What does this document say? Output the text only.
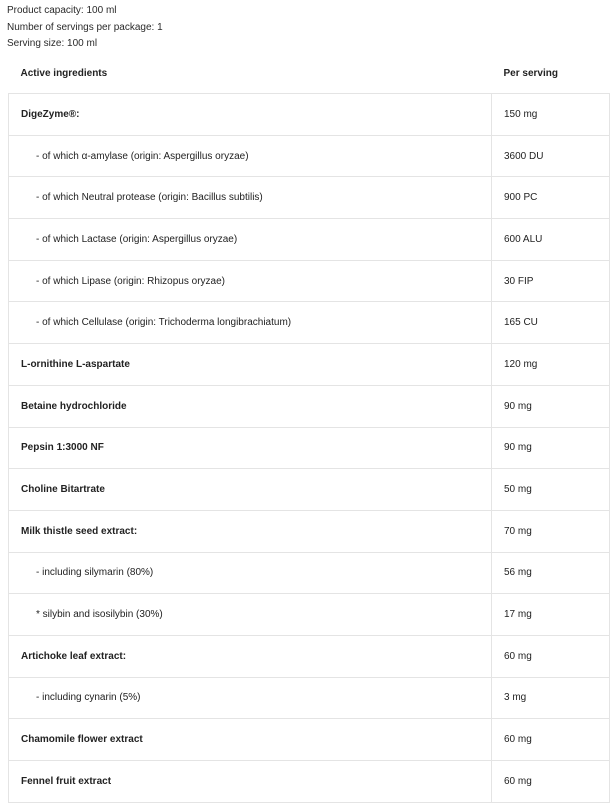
Product capacity: 100 ml
Number of servings per package: 1
Serving size: 100 ml
Active ingredients	Per serving
DigeZyme®:	150 mg
- of which α-amylase (origin: Aspergillus oryzae)	3600 DU
- of which Neutral protease (origin: Bacillus subtilis)	900 PC
- of which Lactase (origin: Aspergillus oryzae)	600 ALU
- of which Lipase (origin: Rhizopus oryzae)	30 FIP
- of which Cellulase (origin: Trichoderma longibrachiatum)	165 CU
L-ornithine L-aspartate	120 mg
Betaine hydrochloride	90 mg
Pepsin 1:3000 NF	90 mg
Choline Bitartrate	50 mg
Milk thistle seed extract:	70 mg
- including silymarin (80%)	56 mg
* silybin and isosilybin (30%)	17 mg
Artichoke leaf extract:	60 mg
- including cynarin (5%)	3 mg
Chamomile flower extract	60 mg
Fennel fruit extract	60 mg
